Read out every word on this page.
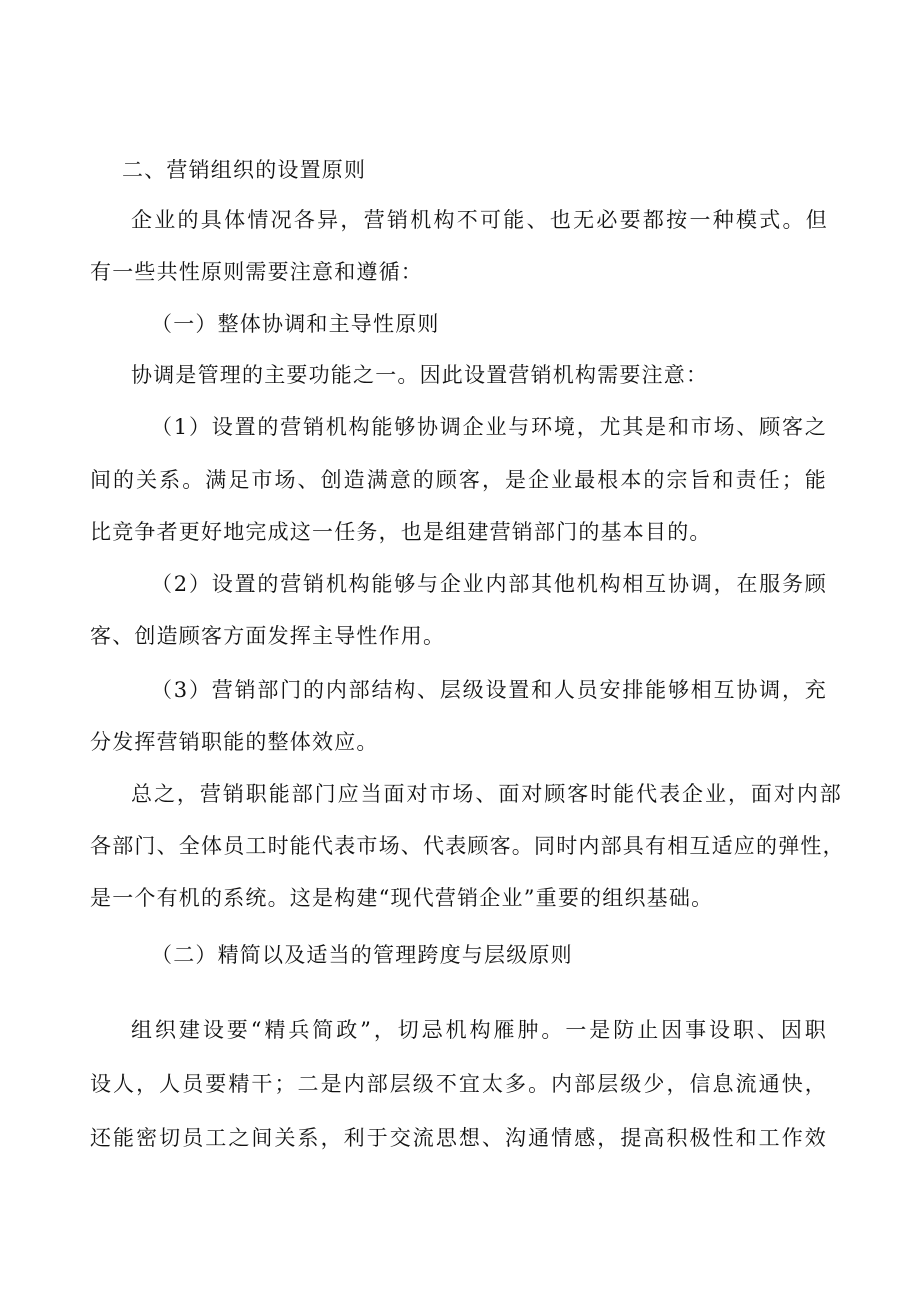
二、营销组织的设置原则
企业的具体情况各异，营销机构不可能、也无必要都按一种模式。但
有一些共性原则需要注意和遵循：
（一）整体协调和主导性原则
协调是管理的主要功能之一。因此设置营销机构需要注意：
（1）设置的营销机构能够协调企业与环境，尤其是和市场、顾客之
间的关系。满足市场、创造满意的顾客，是企业最根本的宗旨和责任；能
比竞争者更好地完成这一任务，也是组建营销部门的基本目的。
（2）设置的营销机构能够与企业内部其他机构相互协调，在服务顾
客、创造顾客方面发挥主导性作用。
（3）营销部门的内部结构、层级设置和人员安排能够相互协调，充
分发挥营销职能的整体效应。
总之，营销职能部门应当面对市场、面对顾客时能代表企业，面对内部
各部门、全体员工时能代表市场、代表顾客。同时内部具有相互适应的弹性，
是一个有机的系统。这是构建“现代营销企业”重要的组织基础。
（二）精简以及适当的管理跨度与层级原则
组织建设要“精兵简政”，切忌机构雁肿。一是防止因事设职、因职
设人，人员要精干；二是内部层级不宜太多。内部层级少，信息流通快，
还能密切员工之间关系，利于交流思想、沟通情感，提高积极性和工作效
